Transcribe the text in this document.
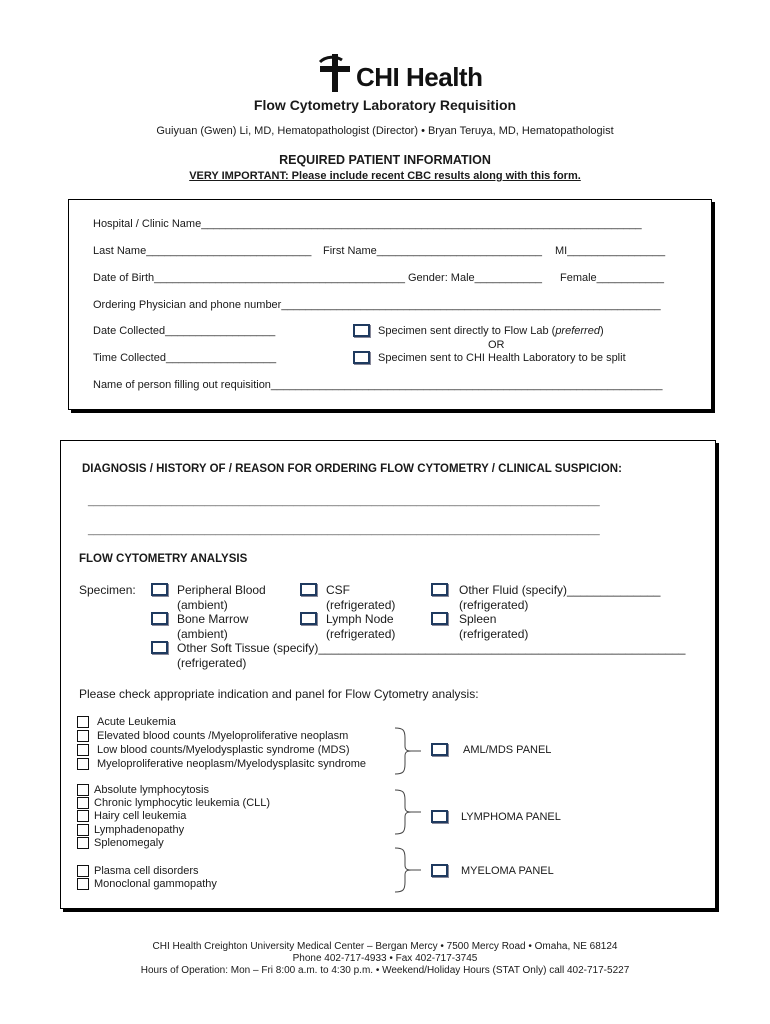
CHI Health
Flow Cytometry Laboratory Requisition
Guiyuan (Gwen) Li, MD, Hematopathologist (Director) • Bryan Teruya, MD, Hematopathologist
REQUIRED PATIENT INFORMATION
VERY IMPORTANT: Please include recent CBC results along with this form.
Hospital / Clinic Name________________________________________________________________________
Last Name___________________________ First Name___________________________ MI________________
Date of Birth_________________________________________ Gender: Male___________ Female___________
Ordering Physician and phone number______________________________________________________________
Date Collected__________________
Time Collected__________________
Specimen sent directly to Flow Lab (preferred)
OR
Specimen sent to CHI Health Laboratory to be split
Name of person filling out requisition________________________________________________________________
DIAGNOSIS / HISTORY OF / REASON FOR ORDERING FLOW CYTOMETRY / CLINICAL SUSPICION:
____________________________________________________________________________________________
____________________________________________________________________________________________
FLOW CYTOMETRY ANALYSIS
Specimen:	Peripheral Blood
(ambient)
Bone Marrow
(ambient)
CSF
(refrigerated)
Lymph Node
(refrigerated)
Other Fluid (specify)______________
(refrigerated)
Spleen
(refrigerated)
Other Soft Tissue (specify)_______________________________________________________
(refrigerated)
Please check appropriate indication and panel for Flow Cytometry analysis:
Acute Leukemia
Elevated blood counts /Myeloproliferative neoplasm
Low blood counts/Myelodysplastic syndrome (MDS)
Myeloproliferative neoplasm/Myelodysplasitc syndrome
Absolute lymphocytosis
Chronic lymphocytic leukemia (CLL)
Hairy cell leukemia
Lymphadenopathy
Splenomegaly
Plasma cell disorders
Monoclonal gammopathy
AML/MDS PANEL
LYMPHOMA PANEL
MYELOMA PANEL
CHI Health Creighton University Medical Center – Bergan Mercy • 7500 Mercy Road • Omaha, NE 68124
Phone 402-717-4933 • Fax 402-717-3745
Hours of Operation: Mon – Fri 8:00 a.m. to 4:30 p.m. • Weekend/Holiday Hours (STAT Only) call 402-717-5227
